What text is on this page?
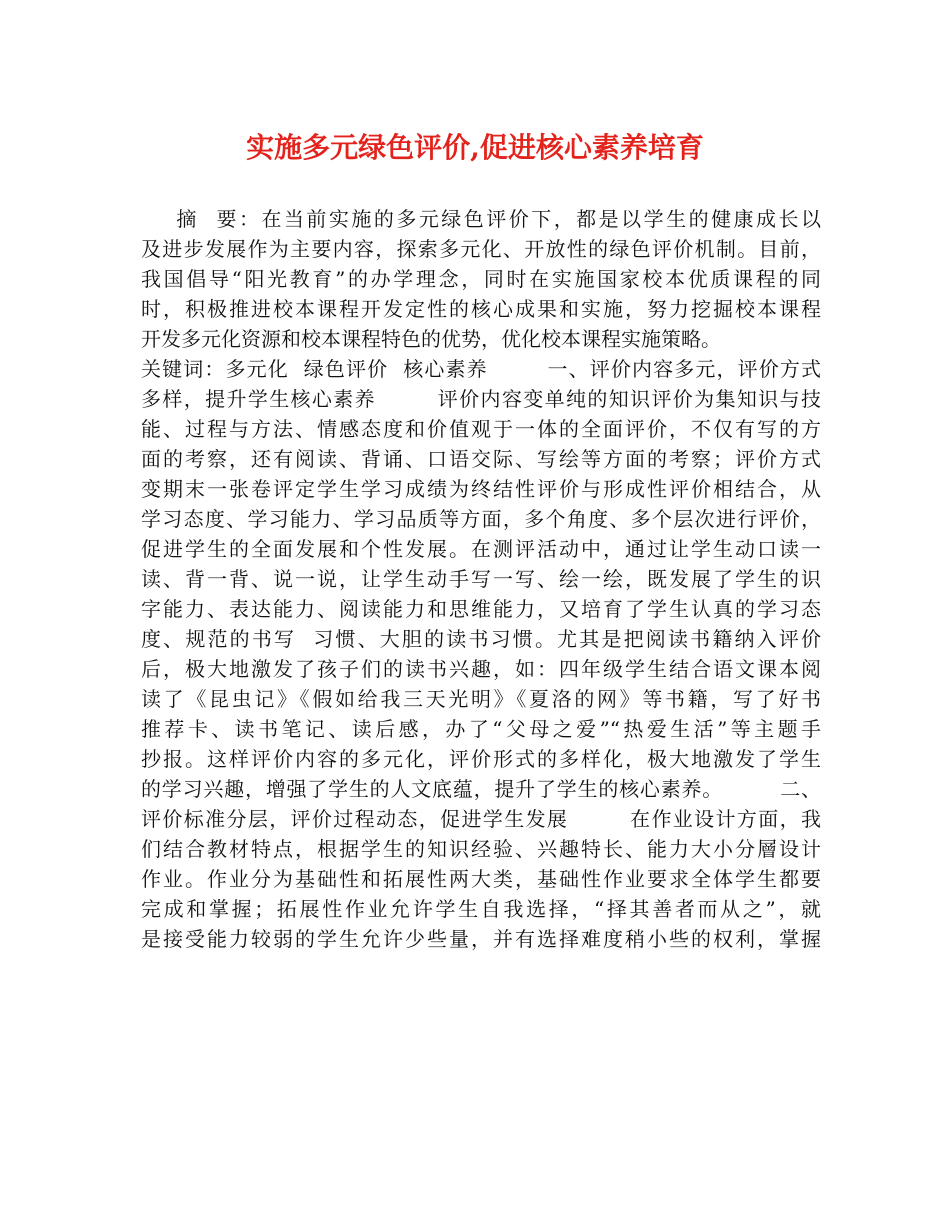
实施多元绿色评价,促进核心素养培育
摘  要：在当前实施的多元绿色评价下，都是以学生的健康成长以
及进步发展作为主要内容，探索多元化、开放性的绿色评价机制。目前，
我国倡导“阳光教育”的办学理念，同时在实施国家校本优质课程的同
时，积极推进校本课程开发定性的核心成果和实施，努力挖掘校本课程
开发多元化资源和校本课程特色的优势，优化校本课程实施策略。
关键词：多元化  绿色评价  核心素养        一、评价内容多元，评价方式
多样，提升学生核心素养        评价内容变单纯的知识评价为集知识与技
能、过程与方法、情感态度和价值观于一体的全面评价，不仅有写的方
面的考察，还有阅读、背诵、口语交际、写绘等方面的考察；评价方式
变期末一张卷评定学生学习成绩为终结性评价与形成性评价相结合，从
学习态度、学习能力、学习品质等方面，多个角度、多个层次进行评价，
促进学生的全面发展和个性发展。在测评活动中，通过让学生动口读一
读、背一背、说一说，让学生动手写一写、绘一绘，既发展了学生的识
字能力、表达能力、阅读能力和思维能力，又培育了学生认真的学习态
度、规范的书写  习惯、大胆的读书习惯。尤其是把阅读书籍纳入评价
后，极大地激发了孩子们的读书兴趣，如：四年级学生结合语文课本阅
读了《昆虫记》《假如给我三天光明》《夏洛的网》等书籍，写了好书
推荐卡、读书笔记、读后感，办了“父母之爱”“热爱生活”等主题手
抄报。这样评价内容的多元化，评价形式的多样化，极大地激发了学生
的学习兴趣，增强了学生的人文底蕴，提升了学生的核心素养。        二、
评价标准分层，评价过程动态，促进学生发展        在作业设计方面，我
们结合教材特点，根据学生的知识经验、兴趣特长、能力大小分層设计
作业。作业分为基础性和拓展性两大类，基础性作业要求全体学生都要
完成和掌握；拓展性作业允许学生自我选择，“择其善者而从之”，就
是接受能力较弱的学生允许少些量，并有选择难度稍小些的权利，掌握
